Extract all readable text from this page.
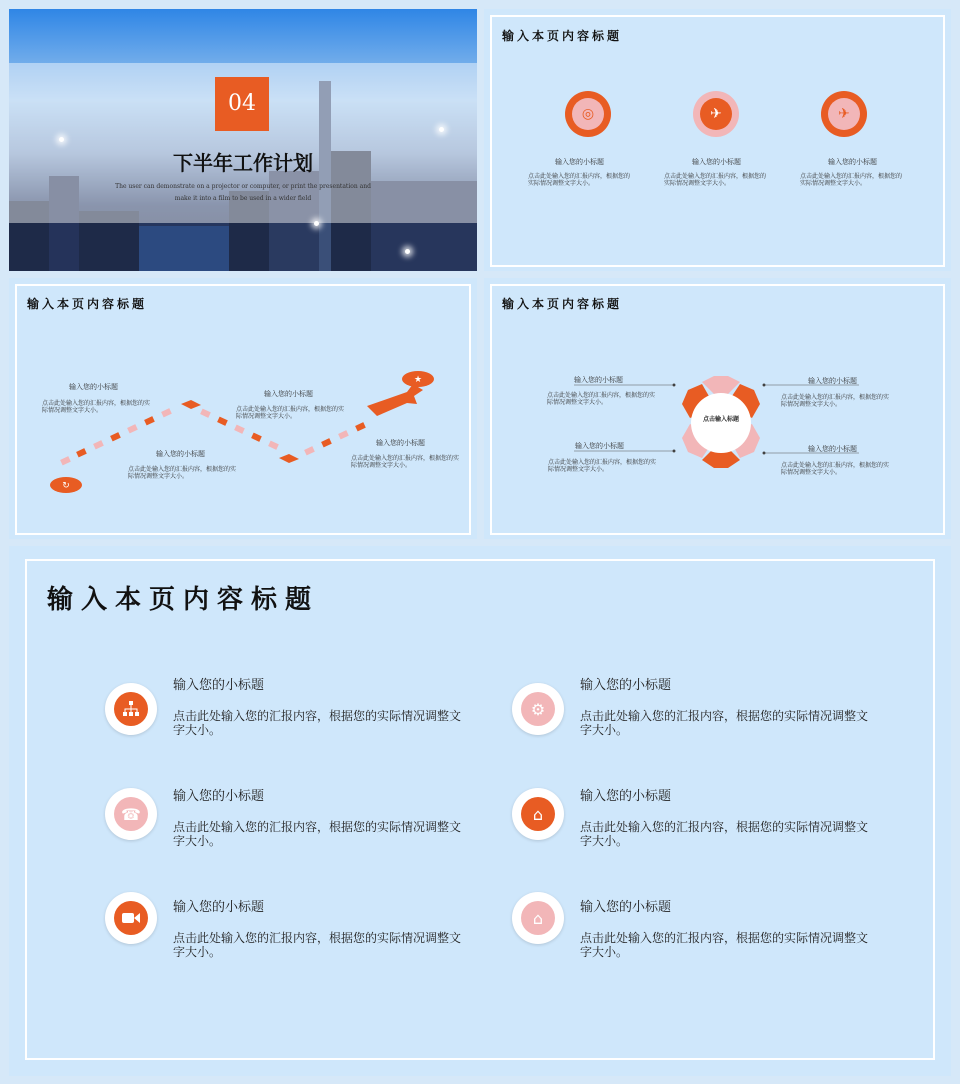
04
下半年工作计划
The user can demonstrate on a projector or computer, or print the presentation and make it into a film to be used in a wider field
输入本页内容标题
◎	✈	✈
输入您的小标题
点击此处输入您的汇报内容，根据您的实际情况调整文字大小。
输入您的小标题
点击此处输入您的汇报内容，根据您的实际情况调整文字大小。
输入您的小标题
点击此处输入您的汇报内容，根据您的实际情况调整文字大小。
输入本页内容标题
★
↻
输入您的小标题
点击此处输入您的汇报内容，根据您的实际情况调整文字大小。
输入您的小标题
点击此处输入您的汇报内容，根据您的实际情况调整文字大小。
输入您的小标题
点击此处输入您的汇报内容，根据您的实际情况调整文字大小。
输入您的小标题
点击此处输入您的汇报内容，根据您的实际情况调整文字大小。
输入本页内容标题
点击输入标题
输入您的小标题
点击此处输入您的汇报内容，根据您的实际情况调整文字大小。
输入您的小标题
点击此处输入您的汇报内容，根据您的实际情况调整文字大小。
输入您的小标题
点击此处输入您的汇报内容，根据您的实际情况调整文字大小。
输入您的小标题
点击此处输入您的汇报内容，根据您的实际情况调整文字大小。
输入本页内容标题
输入您的小标题
点击此处输入您的汇报内容，根据您的实际情况调整文字大小。
⚙
输入您的小标题
点击此处输入您的汇报内容，根据您的实际情况调整文字大小。
☎
输入您的小标题
点击此处输入您的汇报内容，根据您的实际情况调整文字大小。
⌂
输入您的小标题
点击此处输入您的汇报内容，根据您的实际情况调整文字大小。
输入您的小标题
点击此处输入您的汇报内容，根据您的实际情况调整文字大小。
⌂
输入您的小标题
点击此处输入您的汇报内容，根据您的实际情况调整文字大小。
